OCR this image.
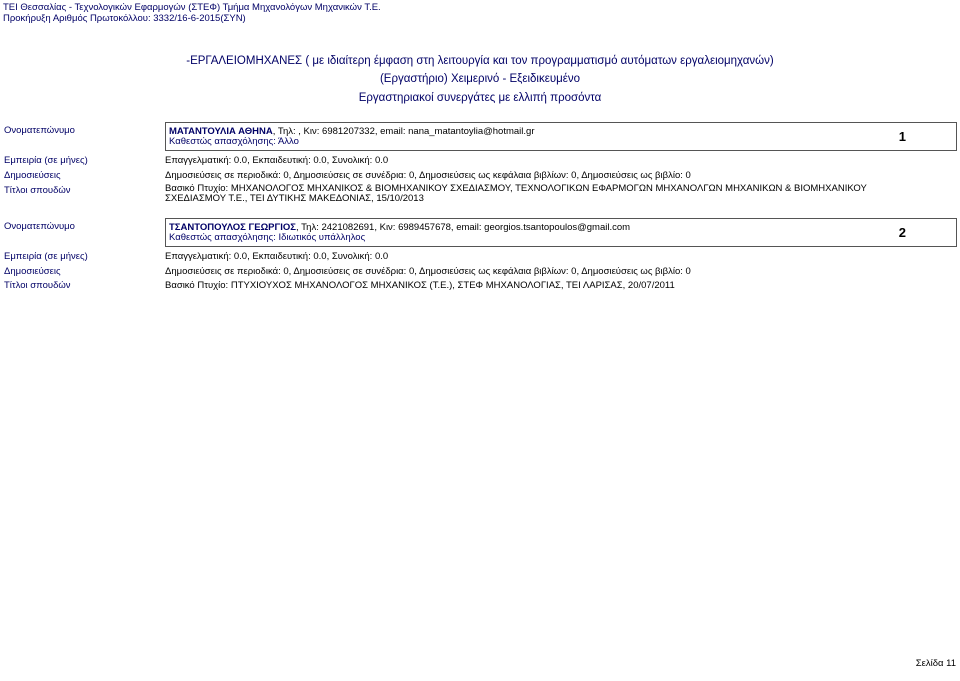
ΤΕΙ Θεσσαλίας - Τεχνολογικών Εφαρμογών (ΣΤΕΦ) Τμήμα Μηχανολόγων Μηχανικών Τ.Ε.
Προκήρυξη Αριθμός Πρωτοκόλλου: 3332/16-6-2015(ΣΥΝ)
-ΕΡΓΑΛΕΙΟΜΗΧΑΝΕΣ ( με ιδιαίτερη έμφαση στη λειτουργία και τον προγραμματισμό αυτόματων εργαλειομηχανών)
(Εργαστήριο) Χειμερινό - Εξειδικευμένο
Εργαστηριακοί συνεργάτες με ελλιπή προσόντα
Ονοματεπώνυμο	ΜΑΤΑΝΤΟΥΛΙΑ ΑΘΗΝΑ, Τηλ: , Κιν: 6981207332, email: nana_matantoylia@hotmail.gr
Καθεστώς απασχόλησης: Άλλο	1
Εμπειρία (σε μήνες)	Επαγγελματική: 0.0, Εκπαιδευτική: 0.0, Συνολική: 0.0
Δημοσιεύσεις	Δημοσιεύσεις σε περιοδικά: 0, Δημοσιεύσεις σε συνέδρια: 0, Δημοσιεύσεις ως κεφάλαια βιβλίων: 0, Δημοσιεύσεις ως βιβλίο: 0
Τίτλοι σπουδών	Βασικό Πτυχίο: ΜΗΧΑΝΟΛΟΓΟΣ ΜΗΧΑΝΙΚΟΣ & ΒΙΟΜΗΧΑΝΙΚΟΥ ΣΧΕΔΙΑΣΜΟΥ, ΤΕΧΝΟΛΟΓΙΚΩΝ ΕΦΑΡΜΟΓΩΝ ΜΗΧΑΝΟΛΓΩΝ ΜΗΧΑΝΙΚΩΝ & ΒΙΟΜΗΧΑΝΙΚΟΥ ΣΧΕΔΙΑΣΜΟΥ Τ.Ε., ΤΕΙ ΔΥΤΙΚΗΣ ΜΑΚΕΔΟΝΙΑΣ, 15/10/2013
Ονοματεπώνυμο	ΤΣΑΝΤΟΠΟΥΛΟΣ ΓΕΩΡΓΙΟΣ, Τηλ: 2421082691, Κιν: 6989457678, email: georgios.tsantopoulos@gmail.com
Καθεστώς απασχόλησης: Ιδιωτικός υπάλληλος	2
Εμπειρία (σε μήνες)	Επαγγελματική: 0.0, Εκπαιδευτική: 0.0, Συνολική: 0.0
Δημοσιεύσεις	Δημοσιεύσεις σε περιοδικά: 0, Δημοσιεύσεις σε συνέδρια: 0, Δημοσιεύσεις ως κεφάλαια βιβλίων: 0, Δημοσιεύσεις ως βιβλίο: 0
Τίτλοι σπουδών	Βασικό Πτυχίο: ΠΤΥΧΙΟΥΧΟΣ ΜΗΧΑΝΟΛΟΓΟΣ ΜΗΧΑΝΙΚΟΣ (Τ.Ε.), ΣΤΕΦ ΜΗΧΑΝΟΛΟΓΙΑΣ, ΤΕΙ ΛΑΡΙΣΑΣ, 20/07/2011
Σελίδα 11
